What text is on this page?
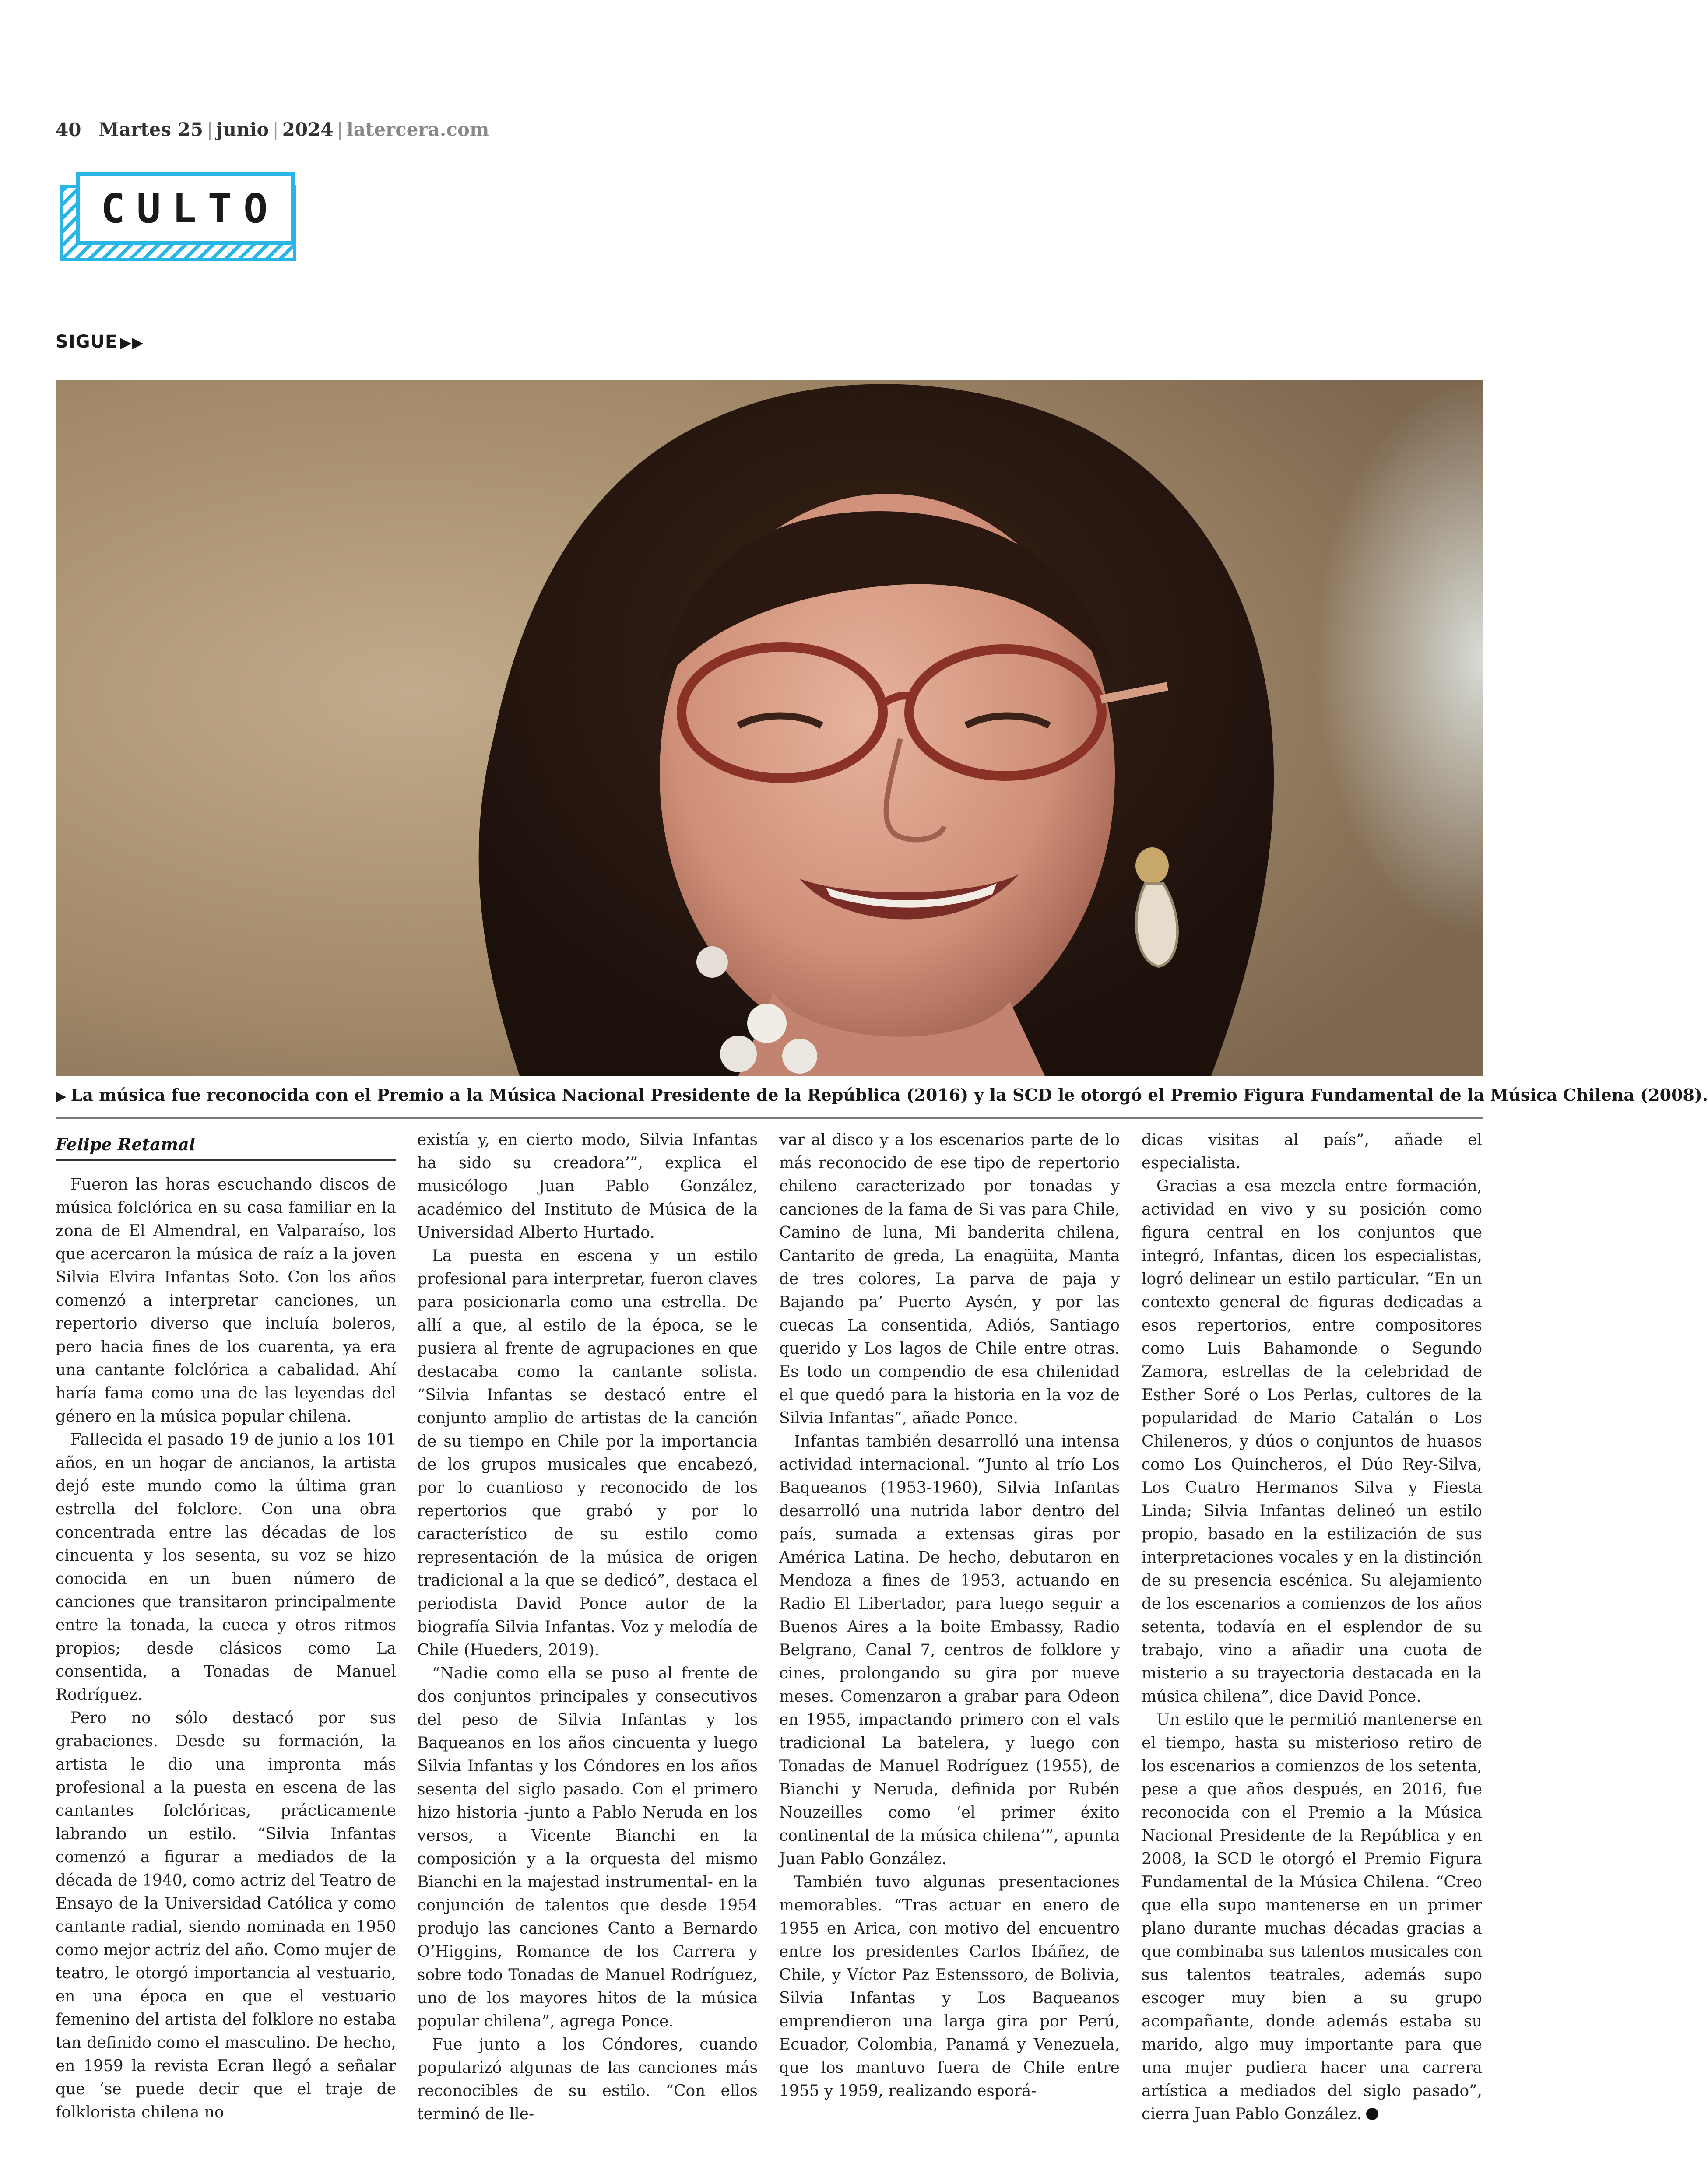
40 Martes 25 | junio | 2024 | latercera.com
CULTO
SIGUE ▶▶
▶ La música fue reconocida con el Premio a la Música Nacional Presidente de la República (2016) y la SCD le otorgó el Premio Figura Fundamental de la Música Chilena (2008).
Felipe Retamal

Fueron las horas escuchando discos de música folclórica en su casa familiar en la zona de El Almendral, en Valparaíso, los que acercaron la música de raíz a la joven Silvia Elvira Infantas Soto. Con los años comenzó a interpretar canciones, un repertorio diverso que incluía boleros, pero hacia fines de los cuarenta, ya era una cantante folclórica a cabalidad. Ahí haría fama como una de las leyendas del género en la música popular chilena.

Fallecida el pasado 19 de junio a los 101 años, en un hogar de ancianos, la artista dejó este mundo como la última gran estrella del folclore. Con una obra concentrada entre las décadas de los cincuenta y los sesenta, su voz se hizo conocida en un buen número de canciones que transitaron principalmente entre la tonada, la cueca y otros ritmos propios; desde clásicos como La consentida, a Tonadas de Manuel Rodríguez.

Pero no sólo destacó por sus grabaciones. Desde su formación, la artista le dio una impronta más profesional a la puesta en escena de las cantantes folclóricas, prácticamente labrando un estilo. “Silvia Infantas comenzó a figurar a mediados de la década de 1940, como actriz del Teatro de Ensayo de la Universidad Católica y como cantante radial, siendo nominada en 1950 como mejor actriz del año. Como mujer de teatro, le otorgó importancia al vestuario, en una época en que el vestuario femenino del artista del folklore no estaba tan definido como el masculino. De hecho, en 1959 la revista Ecran llegó a señalar que ‘se puede decir que el traje de folklorista chilena no

existía y, en cierto modo, Silvia Infantas ha sido su creadora’”, explica el musicólogo Juan Pablo González, académico del Instituto de Música de la Universidad Alberto Hurtado.

La puesta en escena y un estilo profesional para interpretar, fueron claves para posicionarla como una estrella. De allí a que, al estilo de la época, se le pusiera al frente de agrupaciones en que destacaba como la cantante solista. “Silvia Infantas se destacó entre el conjunto amplio de artistas de la canción de su tiempo en Chile por la importancia de los grupos musicales que encabezó, por lo cuantioso y reconocido de los repertorios que grabó y por lo característico de su estilo como representación de la música de origen tradicional a la que se dedicó”, destaca el periodista David Ponce autor de la biografía Silvia Infantas. Voz y melodía de Chile (Hueders, 2019).

“Nadie como ella se puso al frente de dos conjuntos principales y consecutivos del peso de Silvia Infantas y los Baqueanos en los años cincuenta y luego Silvia Infantas y los Cóndores en los años sesenta del siglo pasado. Con el primero hizo historia -junto a Pablo Neruda en los versos, a Vicente Bianchi en la composición y a la orquesta del mismo Bianchi en la majestad instrumental- en la conjunción de talentos que desde 1954 produjo las canciones Canto a Bernardo O’Higgins, Romance de los Carrera y sobre todo Tonadas de Manuel Rodríguez, uno de los mayores hitos de la música popular chilena”, agrega Ponce.

Fue junto a los Cóndores, cuando popularizó algunas de las canciones más reconocibles de su estilo. “Con ellos terminó de lle-

var al disco y a los escenarios parte de lo más reconocido de ese tipo de repertorio chileno caracterizado por tonadas y canciones de la fama de Si vas para Chile, Camino de luna, Mi banderita chilena, Cantarito de greda, La enagüita, Manta de tres colores, La parva de paja y Bajando pa’ Puerto Aysén, y por las cuecas La consentida, Adiós, Santiago querido y Los lagos de Chile entre otras. Es todo un compendio de esa chilenidad el que quedó para la historia en la voz de Silvia Infantas”, añade Ponce.

Infantas también desarrolló una intensa actividad internacional. “Junto al trío Los Baqueanos (1953-1960), Silvia Infantas desarrolló una nutrida labor dentro del país, sumada a extensas giras por América Latina. De hecho, debutaron en Mendoza a fines de 1953, actuando en Radio El Libertador, para luego seguir a Buenos Aires a la boite Embassy, Radio Belgrano, Canal 7, centros de folklore y cines, prolongando su gira por nueve meses. Comenzaron a grabar para Odeon en 1955, impactando primero con el vals tradicional La batelera, y luego con Tonadas de Manuel Rodríguez (1955), de Bianchi y Neruda, definida por Rubén Nouzeilles como ‘el primer éxito continental de la música chilena’”, apunta Juan Pablo González.

También tuvo algunas presentaciones memorables. “Tras actuar en enero de 1955 en Arica, con motivo del encuentro entre los presidentes Carlos Ibáñez, de Chile, y Víctor Paz Estenssoro, de Bolivia, Silvia Infantas y Los Baqueanos emprendieron una larga gira por Perú, Ecuador, Colombia, Panamá y Venezuela, que los mantuvo fuera de Chile entre 1955 y 1959, realizando esporá-

dicas visitas al país”, añade el especialista.

Gracias a esa mezcla entre formación, actividad en vivo y su posición como figura central en los conjuntos que integró, Infantas, dicen los especialistas, logró delinear un estilo particular. “En un contexto general de figuras dedicadas a esos repertorios, entre compositores como Luis Bahamonde o Segundo Zamora, estrellas de la celebridad de Esther Soré o Los Perlas, cultores de la popularidad de Mario Catalán o Los Chileneros, y dúos o conjuntos de huasos como Los Quincheros, el Dúo Rey-Silva, Los Cuatro Hermanos Silva y Fiesta Linda; Silvia Infantas delineó un estilo propio, basado en la estilización de sus interpretaciones vocales y en la distinción de su presencia escénica. Su alejamiento de los escenarios a comienzos de los años setenta, todavía en el esplendor de su trabajo, vino a añadir una cuota de misterio a su trayectoria destacada en la música chilena”, dice David Ponce.

Un estilo que le permitió mantenerse en el tiempo, hasta su misterioso retiro de los escenarios a comienzos de los setenta, pese a que años después, en 2016, fue reconocida con el Premio a la Música Nacional Presidente de la República y en 2008, la SCD le otorgó el Premio Figura Fundamental de la Música Chilena. “Creo que ella supo mantenerse en un primer plano durante muchas décadas gracias a que combinaba sus talentos musicales con sus talentos teatrales, además supo escoger muy bien a su grupo acompañante, donde además estaba su marido, algo muy importante para que una mujer pudiera hacer una carrera artística a mediados del siglo pasado”, cierra Juan Pablo González.
